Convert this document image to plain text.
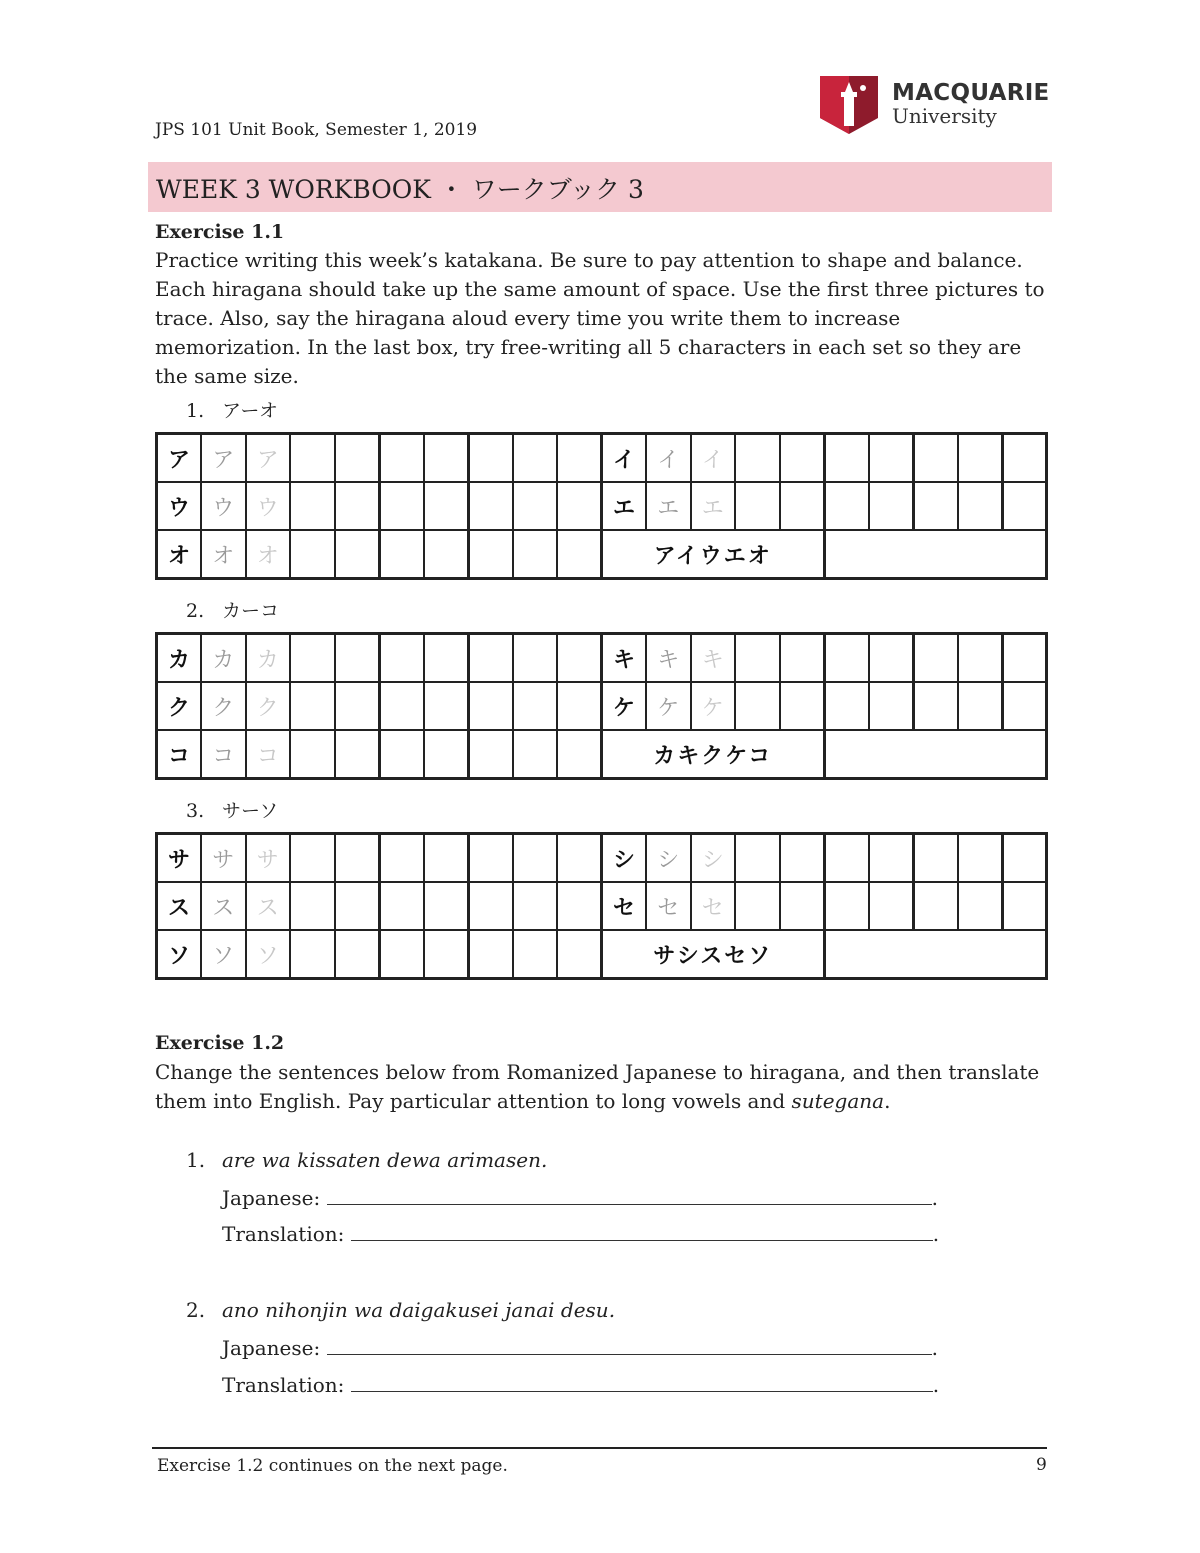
JPS 101 Unit Book, Semester 1, 2019
MACQUARIE
University
WEEK 3 WORKBOOK ・ ワークブック 3
Exercise 1.1
Practice writing this week’s katakana. Be sure to pay attention to shape and balance. Each hiragana should take up the same amount of space. Use the first three pictures to trace. Also, say the hiragana aloud every time you write them to increase memorization. In the last box, try free-writing all 5 characters in each set so they are the same size.
1. アーオ
ア	ア	ア								イ	イ	イ							
ウ	ウ	ウ								エ	エ	エ							
オ	オ	オ								アイウエオ									
2. カーコ
カ	カ	カ								キ	キ	キ							
ク	ク	ク								ケ	ケ	ケ							
コ	コ	コ								カキクケコ									
3. サーソ
サ	サ	サ								シ	シ	シ							
ス	ス	ス								セ	セ	セ							
ソ	ソ	ソ								サシスセソ									
Exercise 1.2
Change the sentences below from Romanized Japanese to hiragana, and then translate them into English. Pay particular attention to long vowels and sutegana.
1. are wa kissaten dewa arimasen.
Japanese:	.
Translation:	.
2. ano nihonjin wa daigakusei janai desu.
Japanese:	.
Translation:	.
Exercise 1.2 continues on the next page.	9
